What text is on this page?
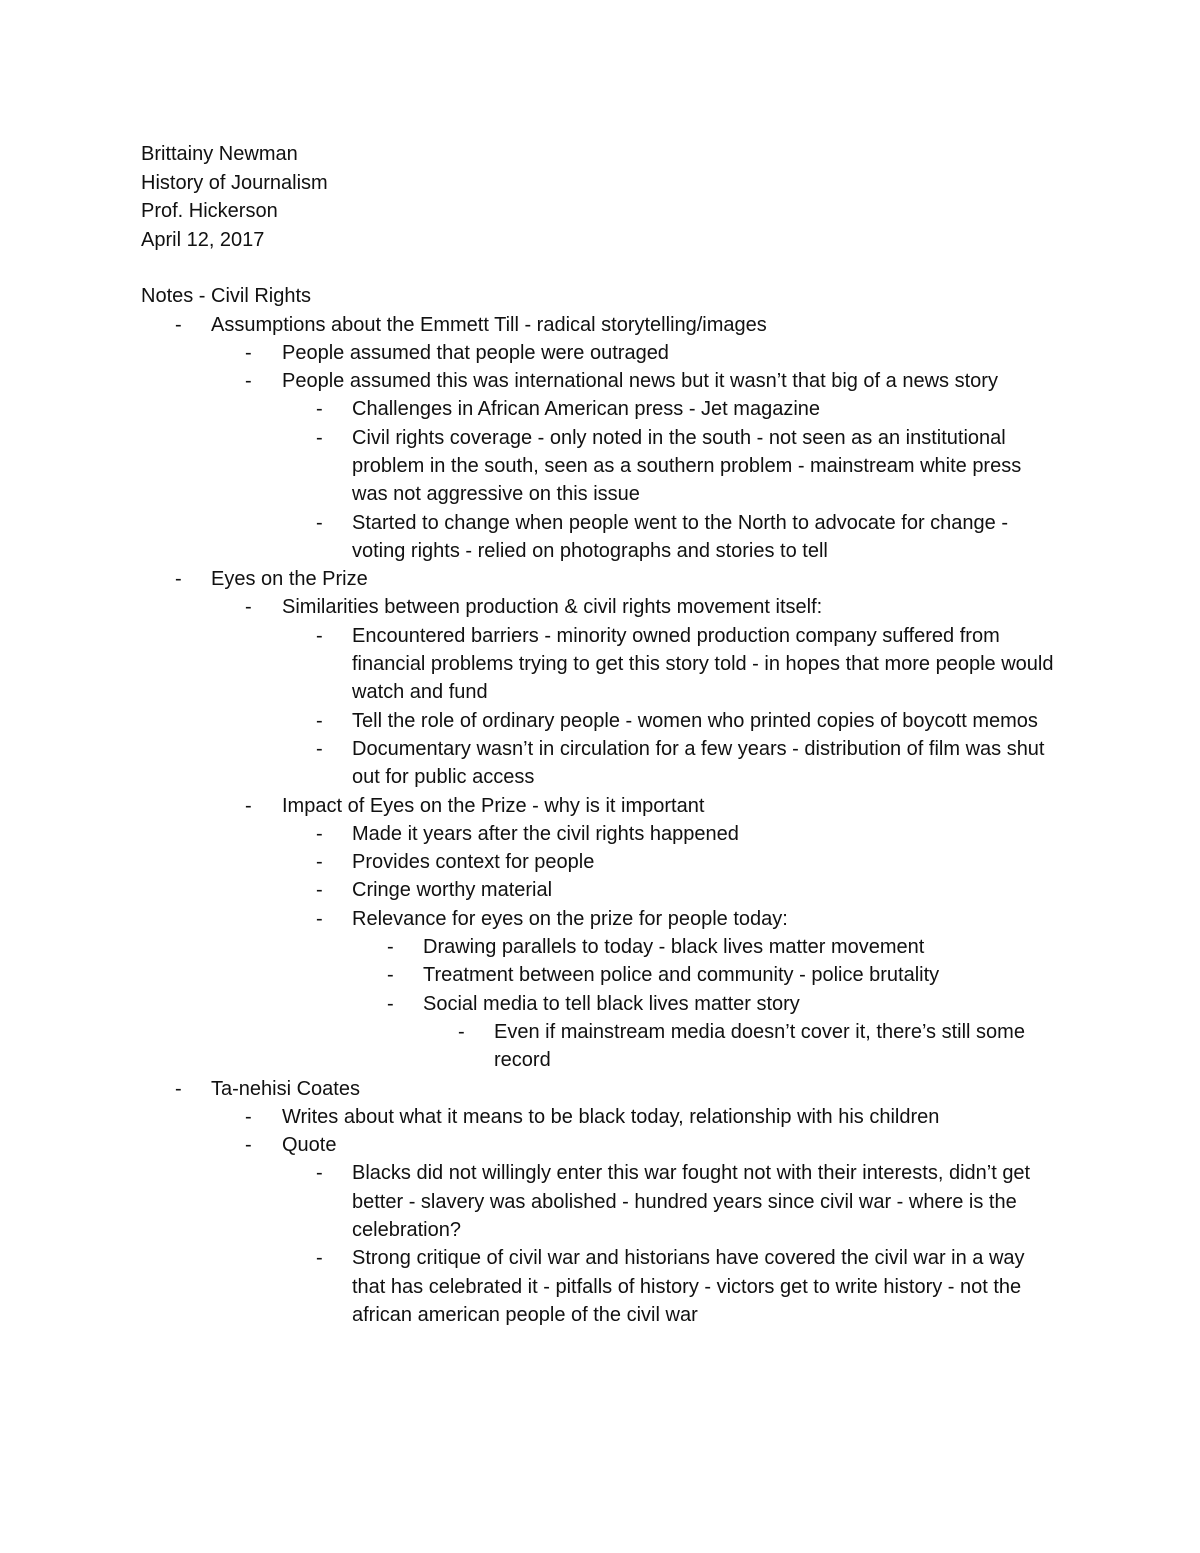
Brittainy Newman
History of Journalism
Prof. Hickerson
April 12, 2017
Notes - Civil Rights
-	Assumptions about the Emmett Till - radical storytelling/images
-	People assumed that people were outraged
-	People assumed this was international news but it wasn’t that big of a news story
-	Challenges in African American press - Jet magazine
-	Civil rights coverage - only noted in the south - not seen as an institutional problem in the south, seen as a southern problem - mainstream white press was not aggressive on this issue
-	Started to change when people went to the North to advocate for change - voting rights - relied on photographs and stories to tell
-	Eyes on the Prize
-	Similarities between production & civil rights movement itself:
-	Encountered barriers - minority owned production company suffered from financial problems trying to get this story told - in hopes that more people would watch and fund
-	Tell the role of ordinary people - women who printed copies of boycott memos
-	Documentary wasn’t in circulation for a few years - distribution of film was shut out for public access
-	Impact of Eyes on the Prize - why is it important
-	Made it years after the civil rights happened
-	Provides context for people
-	Cringe worthy material
-	Relevance for eyes on the prize for people today:
-	Drawing parallels to today - black lives matter movement
-	Treatment between police and community - police brutality
-	Social media to tell black lives matter story
-	Even if mainstream media doesn’t cover it, there’s still some record
-	Ta-nehisi Coates
-	Writes about what it means to be black today, relationship with his children
-	Quote
-	Blacks did not willingly enter this war fought not with their interests, didn’t get better - slavery was abolished - hundred years since civil war - where is the celebration?
-	Strong critique of civil war and historians have covered the civil war in a way that has celebrated it - pitfalls of history - victors get to write history - not the african american people of the civil war
